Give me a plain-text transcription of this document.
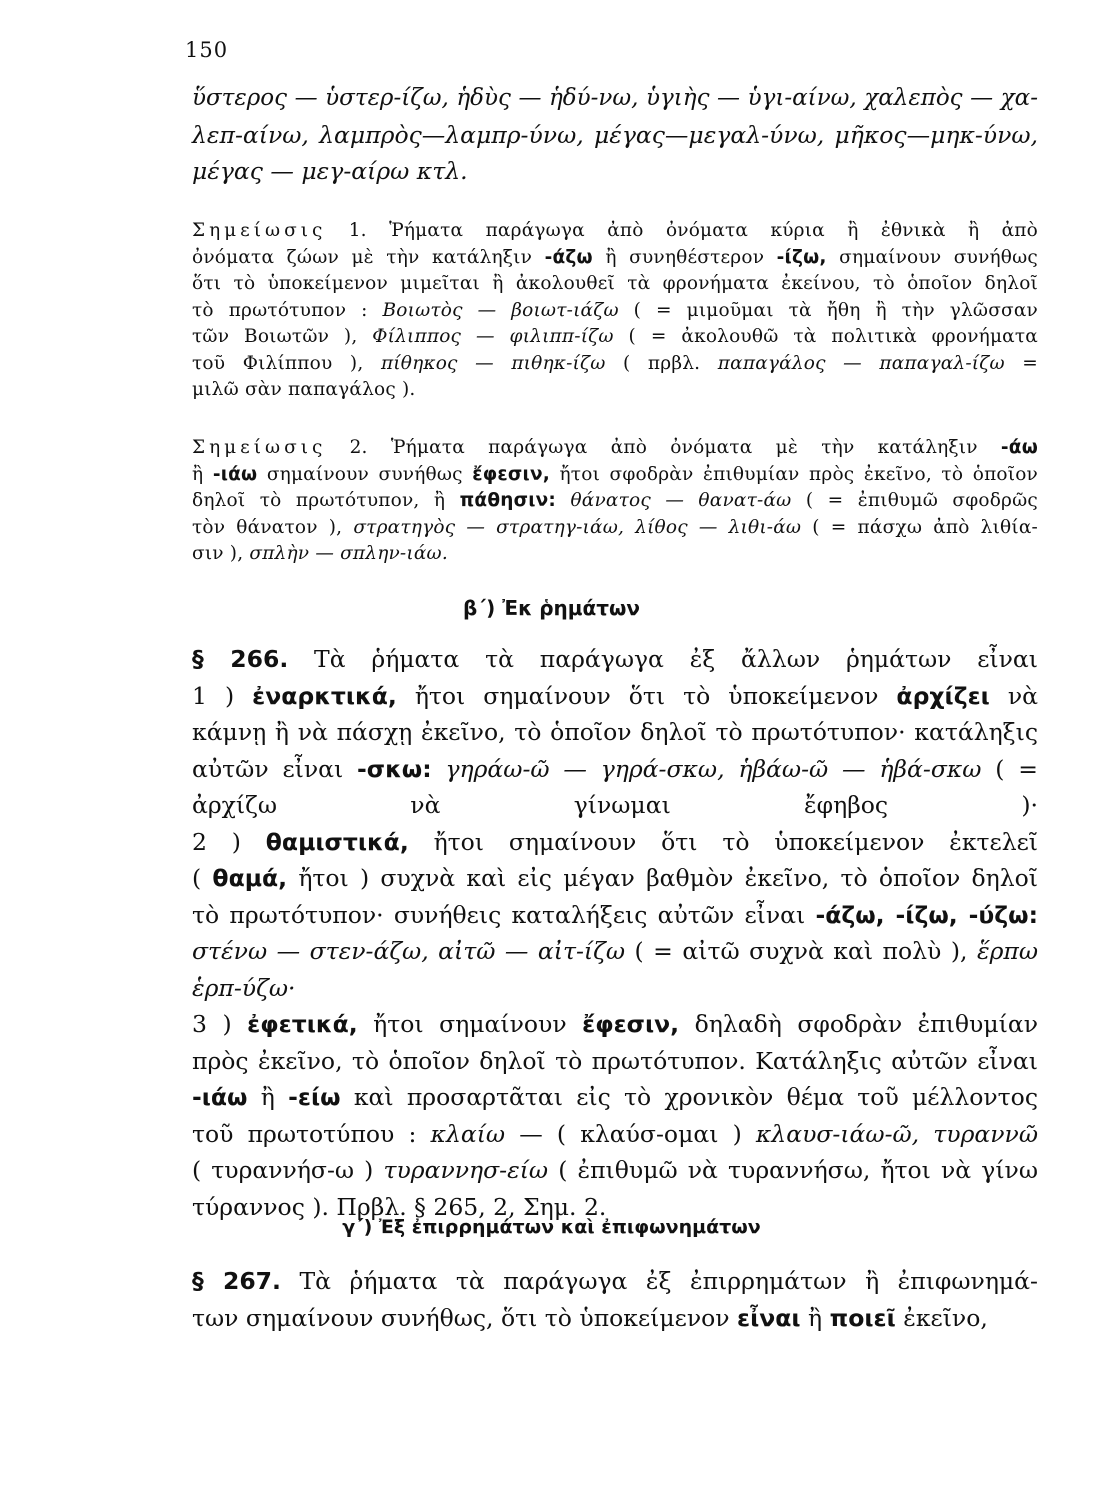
150
ὕστερος — ὑστερ-ίζω, ἡδὺς — ἡδύ-νω, ὑγιὴς — ὑγι-αίνω, χαλεπὸς — χα-
λεπ-αίνω, λαμπρὸς—λαμπρ-ύνω, μέγας—μεγαλ-ύνω, μῆκος—μηκ-ύνω,
μέγας — μεγ-αίρω κτλ.
Σημείωσις 1. Ῥήματα παράγωγα ἀπὸ ὀνόματα κύρια ἢ ἐθνικὰ ἢ ἀπὸ
ὀνόματα ζώων μὲ τὴν κατάληξιν -άζω ἢ συνηθέστερον -ίζω, σημαίνουν συνήθως
ὅτι τὸ ὑποκείμενον μιμεῖται ἢ ἀκολουθεῖ τὰ φρονήματα ἐκείνου, τὸ ὁποῖον δηλοῖ
τὸ πρωτότυπον : Βοιωτὸς — βοιωτ-ιάζω ( = μιμοῦμαι τὰ ἤθη ἢ τὴν γλῶσσαν
τῶν Βοιωτῶν ), Φίλιππος — φιλιππ-ίζω ( = ἀκολουθῶ τὰ πολιτικὰ φρονήματα
τοῦ Φιλίππου ), πίθηκος — πιθηκ-ίζω ( πρβλ. παπαγάλος — παπαγαλ-ίζω =
μιλῶ σὰν παπαγάλος ).
Σημείωσις 2. Ῥήματα παράγωγα ἀπὸ ὀνόματα μὲ τὴν κατάληξιν -άω
ἢ -ιάω σημαίνουν συνήθως ἔφεσιν, ἤτοι σφοδρὰν ἐπιθυμίαν πρὸς ἐκεῖνο, τὸ ὁποῖον
δηλοῖ τὸ πρωτότυπον, ἢ πάθησιν: θάνατος — θανατ-άω ( = ἐπιθυμῶ σφοδρῶς
τὸν θάνατον ), στρατηγὸς — στρατηγ-ιάω, λίθος — λιθι-άω ( = πάσχω ἀπὸ λιθία-
σιν ), σπλὴν — σπλην-ιάω.
β΄) Ἐκ ῥημάτων
§ 266. Τὰ ῥήματα τὰ παράγωγα ἐξ ἄλλων ῥημάτων εἶναι
1 ) ἐναρκτικά, ἤτοι σημαίνουν ὅτι τὸ ὑποκείμενον ἀρχίζει νὰ
κάμνῃ ἢ νὰ πάσχῃ ἐκεῖνο, τὸ ὁποῖον δηλοῖ τὸ πρωτότυπον· κατάληξις
αὐτῶν εἶναι -σκω: γηράω-ῶ — γηρά-σκω, ἡβάω-ῶ — ἡβά-σκω ( =
ἀρχίζω νὰ γίνωμαι ἔφηβος )·
2 ) θαμιστικά, ἤτοι σημαίνουν ὅτι τὸ ὑποκείμενον ἐκτελεῖ
( θαμά, ἤτοι ) συχνὰ καὶ εἰς μέγαν βαθμὸν ἐκεῖνο, τὸ ὁποῖον δηλοῖ
τὸ πρωτότυπον· συνήθεις καταλήξεις αὐτῶν εἶναι -άζω, -ίζω, -ύζω:
στένω — στεν-άζω, αἰτῶ — αἰτ-ίζω ( = αἰτῶ συχνὰ καὶ πολὺ ), ἕρπω
ἑρπ-ύζω·
3 ) ἐφετικά, ἤτοι σημαίνουν ἔφεσιν, δηλαδὴ σφοδρὰν ἐπιθυμίαν
πρὸς ἐκεῖνο, τὸ ὁποῖον δηλοῖ τὸ πρωτότυπον. Κατάληξις αὐτῶν εἶναι
-ιάω ἢ -είω καὶ προσαρτᾶται εἰς τὸ χρονικὸν θέμα τοῦ μέλλοντος
τοῦ πρωτοτύπου : κλαίω — ( κλαύσ-ομαι ) κλαυσ-ιάω-ῶ, τυραννῶ
( τυραννήσ-ω ) τυραννησ-είω ( ἐπιθυμῶ νὰ τυραννήσω, ἤτοι νὰ γίνω
τύραννος ). Πρβλ. § 265, 2, Σημ. 2.
γ΄) Ἐξ ἐπιρρημάτων καὶ ἐπιφωνημάτων
§ 267. Τὰ ῥήματα τὰ παράγωγα ἐξ ἐπιρρημάτων ἢ ἐπιφωνημά-
των σημαίνουν συνήθως, ὅτι τὸ ὑποκείμενον εἶναι ἢ ποιεῖ ἐκεῖνο,
